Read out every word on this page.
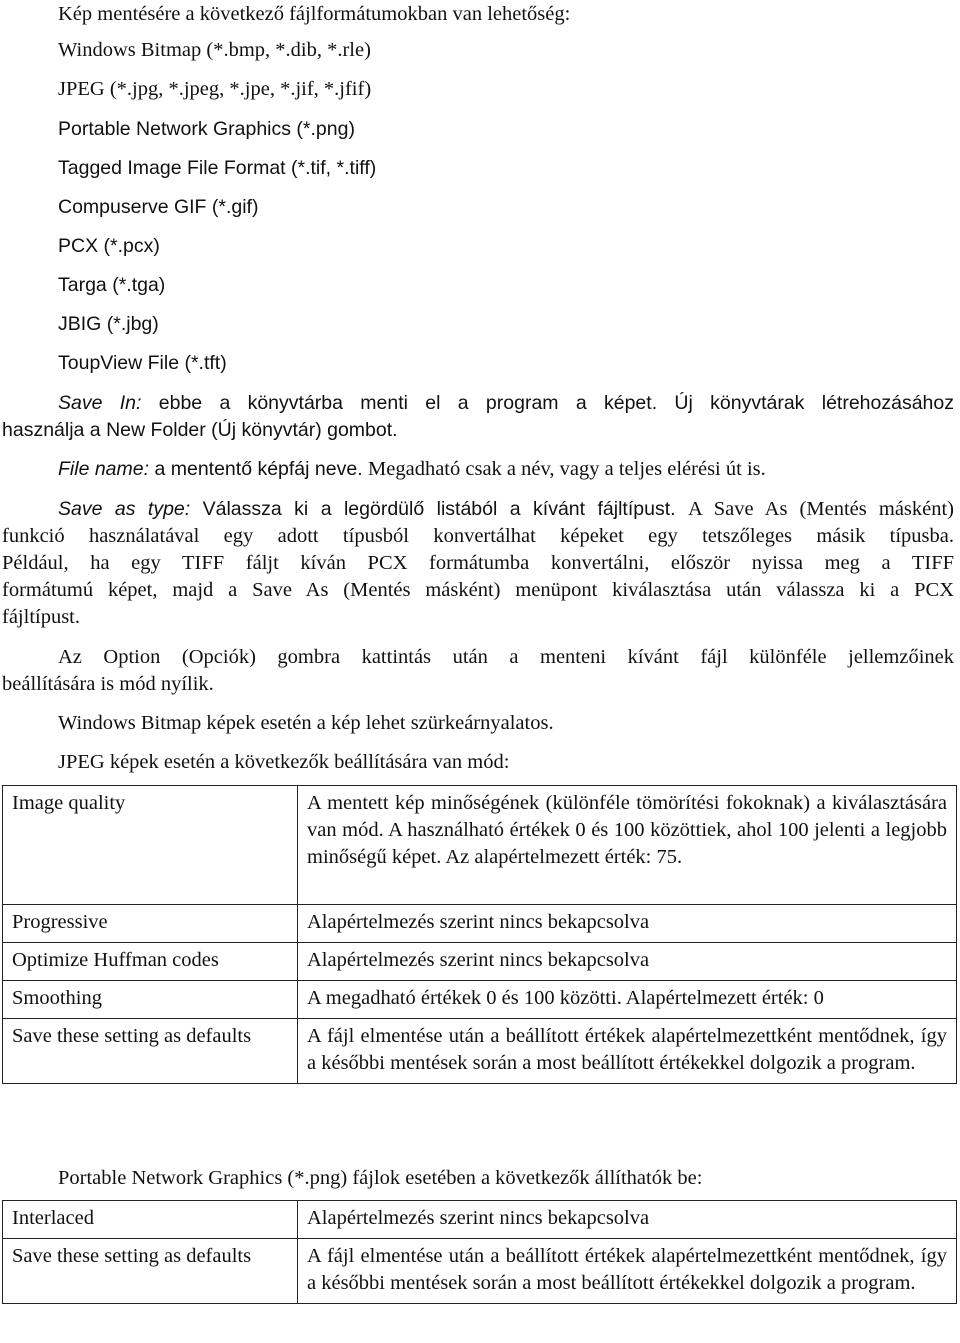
Kép mentésére a következő fájlformátumokban van lehetőség:
Windows Bitmap (*.bmp, *.dib, *.rle)
JPEG (*.jpg, *.jpeg, *.jpe, *.jif, *.jfif)
Portable Network Graphics (*.png)
Tagged Image File Format (*.tif, *.tiff)
Compuserve GIF (*.gif)
PCX (*.pcx)
Targa (*.tga)
JBIG (*.jbg)
ToupView File (*.tft)
Save In: ebbe a könyvtárba menti el a program a képet. Új könyvtárak létrehozásához
használja a New Folder (Új könyvtár) gombot.
File name: a mententő képfáj neve. Megadható csak a név, vagy a teljes elérési út is.
Save as type: Válassza ki a legördülő listából a kívánt fájltípust. A Save As (Mentés másként)
funkció használatával egy adott típusból konvertálhat képeket egy tetszőleges másik típusba.
Például, ha egy TIFF fáljt kíván PCX formátumba konvertálni, először nyissa meg a TIFF
formátumú képet, majd a Save As (Mentés másként) menüpont kiválasztása után válassza ki a PCX
fájltípust.
Az Option (Opciók) gombra kattintás után a menteni kívánt fájl különféle jellemzőinek
beállítására is mód nyílik.
Windows Bitmap képek esetén a kép lehet szürkeárnyalatos.
JPEG képek esetén a következők beállítására van mód:
Image quality	A mentett kép minőségének (különféle tömörítési fokoknak) a kiválasztására van mód. A használható értékek 0 és 100 közöttiek, ahol 100 jelenti a legjobb minőségű képet. Az alapértelmezett érték: 75.
Progressive	Alapértelmezés szerint nincs bekapcsolva
Optimize Huffman codes	Alapértelmezés szerint nincs bekapcsolva
Smoothing	A megadható értékek 0 és 100 közötti. Alapértelmezett érték: 0
Save these setting as defaults	A fájl elmentése után a beállított értékek alapértelmezettként mentődnek, így a későbbi mentések során a most beállított értékekkel dolgozik a program.
Portable Network Graphics (*.png) fájlok esetében a következők állíthatók be:
Interlaced	Alapértelmezés szerint nincs bekapcsolva
Save these setting as defaults	A fájl elmentése után a beállított értékek alapértelmezettként mentődnek, így a későbbi mentések során a most beállított értékekkel dolgozik a program.
